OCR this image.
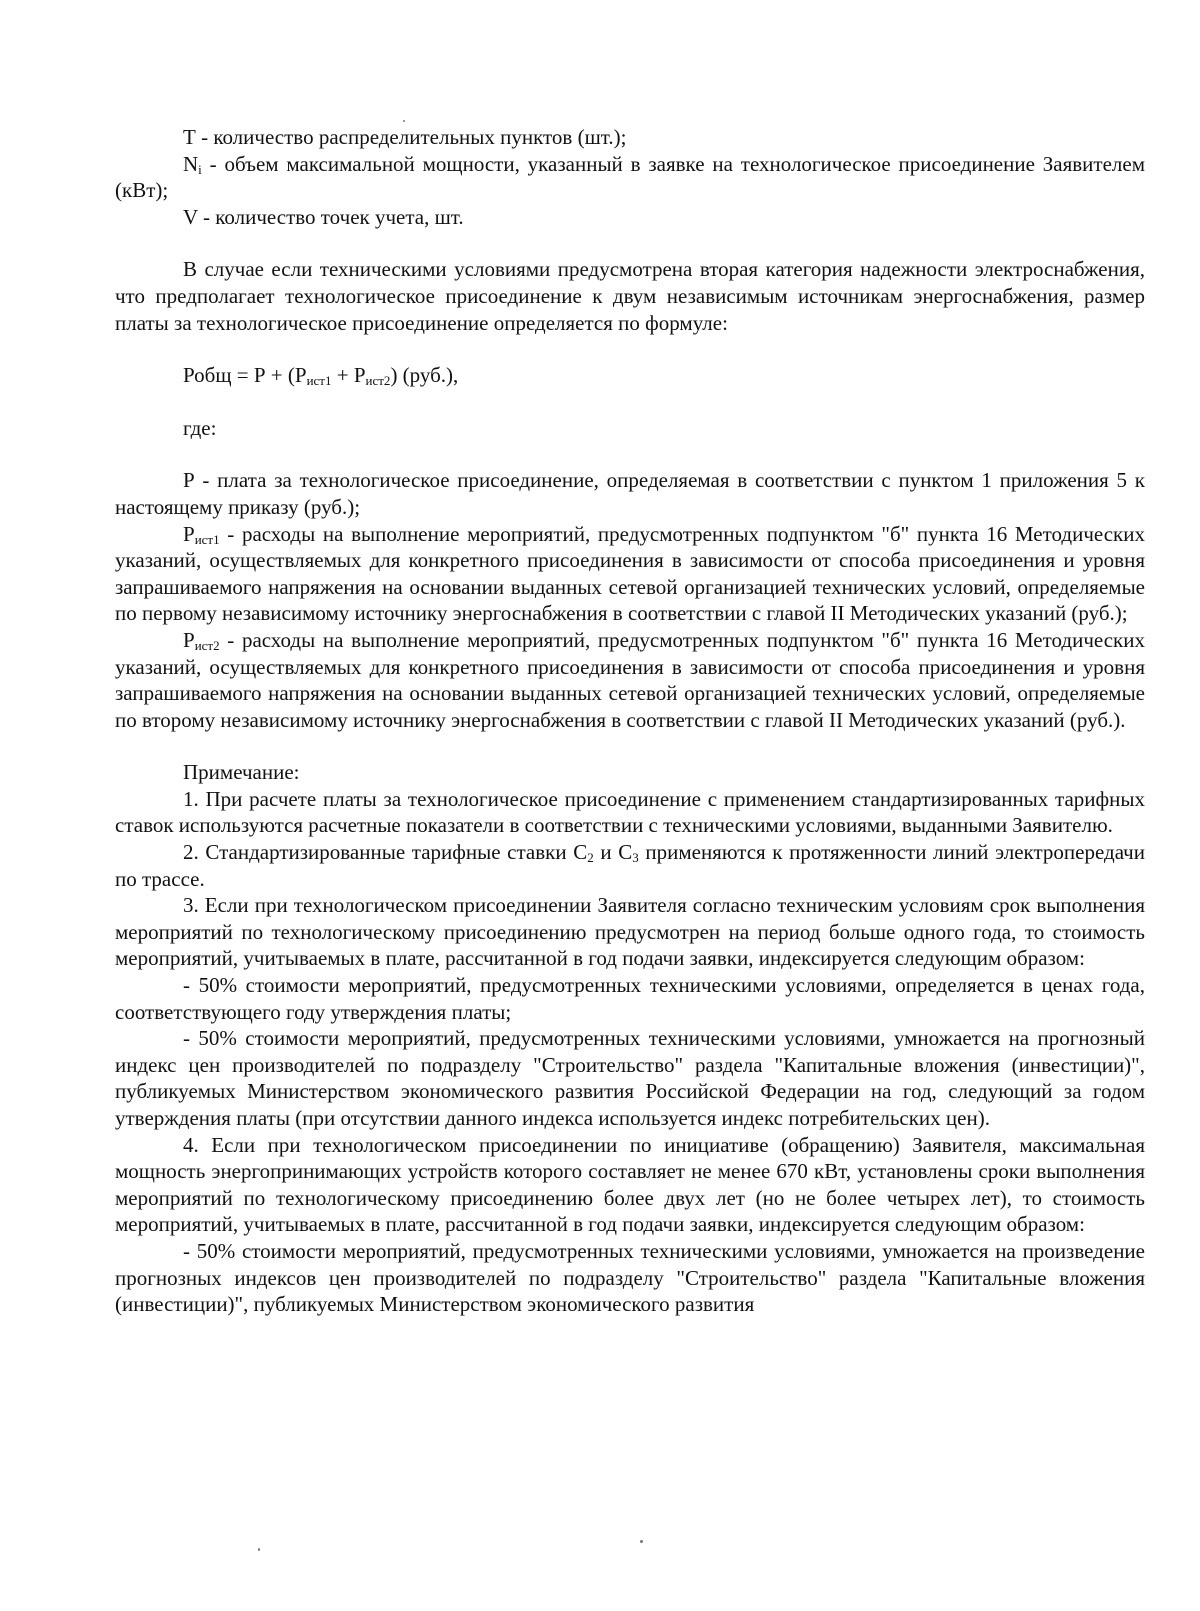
Т - количество распределительных пунктов (шт.);

$N_i$ - объем максимальной мощности, указанный в заявке на технологическое присоединение Заявителем (кВт);

V - количество точек учета, шт.

В случае если техническими условиями предусмотрена вторая категория надежности электроснабжения, что предполагает технологическое присоединение к двум независимым источникам энергоснабжения, размер платы за технологическое присоединение определяется по формуле:

Робщ = $Р + (Р_{ист1} + Р_{ист2})$ (руб.),

где:

Р - плата за технологическое присоединение, определяемая в соответствии с пунктом 1 приложения 5 к настоящему приказу (руб.);

$Р_{ист1}$ - расходы на выполнение мероприятий, предусмотренных подпунктом "б" пункта 16 Методических указаний, осуществляемых для конкретного присоединения в зависимости от способа присоединения и уровня запрашиваемого напряжения на основании выданных сетевой организацией технических условий, определяемые по первому независимому источнику энергоснабжения в соответствии с главой II Методических указаний (руб.);

$Р_{ист2}$ - расходы на выполнение мероприятий, предусмотренных подпунктом "б" пункта 16 Методических указаний, осуществляемых для конкретного присоединения в зависимости от способа присоединения и уровня запрашиваемого напряжения на основании выданных сетевой организацией технических условий, определяемые по второму независимому источнику энергоснабжения в соответствии с главой II Методических указаний (руб.).

Примечание:

1. При расчете платы за технологическое присоединение с применением стандартизированных тарифных ставок используются расчетные показатели в соответствии с техническими условиями, выданными Заявителю.

2. Стандартизированные тарифные ставки $С_2$ и $С_3$ применяются к протяженности линий электропередачи по трассе.

3. Если при технологическом присоединении Заявителя согласно техническим условиям срок выполнения мероприятий по технологическому присоединению предусмотрен на период больше одного года, то стоимость мероприятий, учитываемых в плате, рассчитанной в год подачи заявки, индексируется следующим образом:

- 50% стоимости мероприятий, предусмотренных техническими условиями, определяется в ценах года, соответствующего году утверждения платы;

- 50% стоимости мероприятий, предусмотренных техническими условиями, умножается на прогнозный индекс цен производителей по подразделу "Строительство" раздела "Капитальные вложения (инвестиции)", публикуемых Министерством экономического развития Российской Федерации на год, следующий за годом утверждения платы (при отсутствии данного индекса используется индекс потребительских цен).

4. Если при технологическом присоединении по инициативе (обращению) Заявителя, максимальная мощность энергопринимающих устройств которого составляет не менее 670 кВт, установлены сроки выполнения мероприятий по технологическому присоединению более двух лет (но не более четырех лет), то стоимость мероприятий, учитываемых в плате, рассчитанной в год подачи заявки, индексируется следующим образом:

- 50% стоимости мероприятий, предусмотренных техническими условиями, умножается на произведение прогнозных индексов цен производителей по подразделу "Строительство" раздела "Капитальные вложения (инвестиции)", публикуемых Министерством экономического развития
